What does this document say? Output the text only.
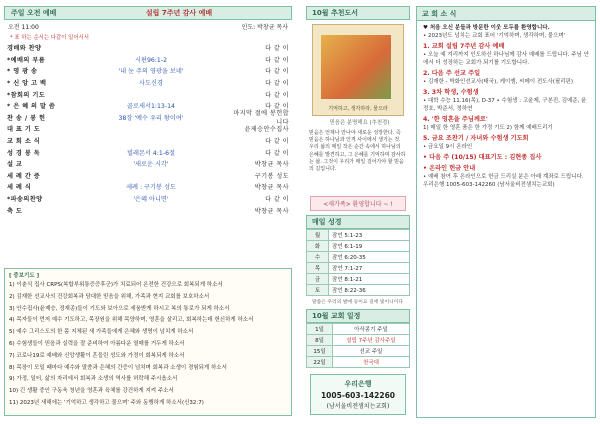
주일 오전 예배	설립 7주년 감사 예배
오전 11:00	인도: 박창균 목사
* 표 하는 순서는 다같이 일어서서
경배와 찬양	다 같 이
*예배의 부름	시편96:1-2	다 같 이
* 영 광 송	'내 눈 주의 영광을 보네'	다 같 이
* 신 앙 고 백	사도신경	다 같 이
*참회의 기도	다 같 이
* 은 혜 의 말 씀	골로새서1:13-14	다 같 이
찬 송 / 봉 헌	38장 '예수 우리 왕이여'
마지막 절에 봉헌합니다
대 표 기 도	윤제승안수집사
교 회 소 식	다 같 이
성 경 봉 독	빌레몬서 4:1-6절	다 같 이
설 교	'새로운 시각'	박창균 목사
세 례 간 증	구기봉 성도
세 례 식	세례 : 구기봉 성도	박창균 목사
*파송의찬양	'은혜 아니면'	다 같 이
축 도	박창균 목사
[ 중보기도 ]
1) 이춘식 집사 CRPS(복합부위통증증후군)가 치료되어 온전한 건강으로 회복되게 하소서
2) 김재한 선교사의 건강회복과 담대한 믿음을 위해, 가족과 현지 교회를 보호하소서
3) 안수집사(윤제승, 정재종)들이 기도와 보아으로 세움받게 하시고 복의 통로가 되게 하소서
4) 목자들이 먼저 예수 기도하고, 목장원을 위해 목양하며, 영혼을 살리고, 회복하는데 헌신하게 하소서
5) 예수 그리스도의 한 몸 지체된 새 가족들에게 은혜와 생명이 넘치게 하소서
6) 수험생들이 믿음과 실력을 잘 준비하여 아름다운 열매를 거두게 하소서
7) 코로나19로 예배와 신앙생활이 흔들린 성도와 가정이 회복되게 하소서
8) 목장이 모일 때마다 예수와 말씀과 은혜의 간증이 넘치며 회복과 소생이 경험되게 하소서
9) 가정, 일터, 삶의 자리에서 회복과 소생의 역사를 허락해 주시옵소서
10) 긴 생활 중인 구동욱 청년을 영혼과 육체를 강건하게 지켜 주소서
11) 2023년 새해에는 '기억하고 생각하고 물으며' 주와 동행하게 하소서(신32:7)
10월 추천도서
기억하고, 생각하라, 물으라
믿음은 분명해요 (추천경)
믿음은 언제나 만나야 새로운 성장한다. 즉 믿음은 하나님과 인격 사이에서 생기는 것. 우리 삶의 매일 작은 순간 속에서 하나님의 은혜를 발견하고, 그 은혜를 기억하며 감사하는 삶. 그것이 우리가 매일 걸어가야 할 믿음의 길입니다.
<새가족> 환영합니다 ~ !
매일 성경
월	잠언 5:1-23
화	잠언 6:1-19
수	잠언 6:20-35
목	잠언 7:1-27
금	잠언 8:1-21
토	잠언 8:22-36
말씀은 우리의 발에 등이요 길에 빛이니이다
10월 교회 일정
1일	아삭콩기 주일
8일	설립 7주년 감사주일
15일	선교 주일
22일	천국대
우리은행
1005-603-142260
(남서울비전샘치는교회)
교 회 소 식
♥ 처음 오신 분들과 방문한 이웃 모두를 환영합니다.
• 2023년도 넘치는 교회 표어 '기억하며, 생각하며, 물으며'
1. 교회 설립 7주년 감사 예배
• 오늘 예 겨리까지 인도하신 하나님께 감사 예배를 드립니다. 주님 안에서 더 성장하는 교회가 되기를 기도합니다.
2. 다음 주 선교 주일
• 김재한 - 박화인선교사(태국), 케이엠, 씨메이 전도사(필리핀)
3. 3차 학생, 수험생
• 대학 수능 11.16(목), D-37 • 수험생 : 고윤제, 구본진, 김예준, 윤정호, 박준서, 정하연
4. '한 영혼을 주님께로'
1) 매일 한 영혼 품은 한 가정 기도 2) 함께 예배드리기
5. 금요 조찬기 / 자녀와 수험생 기도회
• 금요일 9시 온라인
• 다음 주 (10/15) 대표기도 : 김현종 집사
• 온라인 헌금 안내
• 예배 참여 후 온라인으로 헌금 드리실 분은 아래 계좌로 드립니다. 우리은행 1005-603-142260 (남서울비전샘치는교회)
